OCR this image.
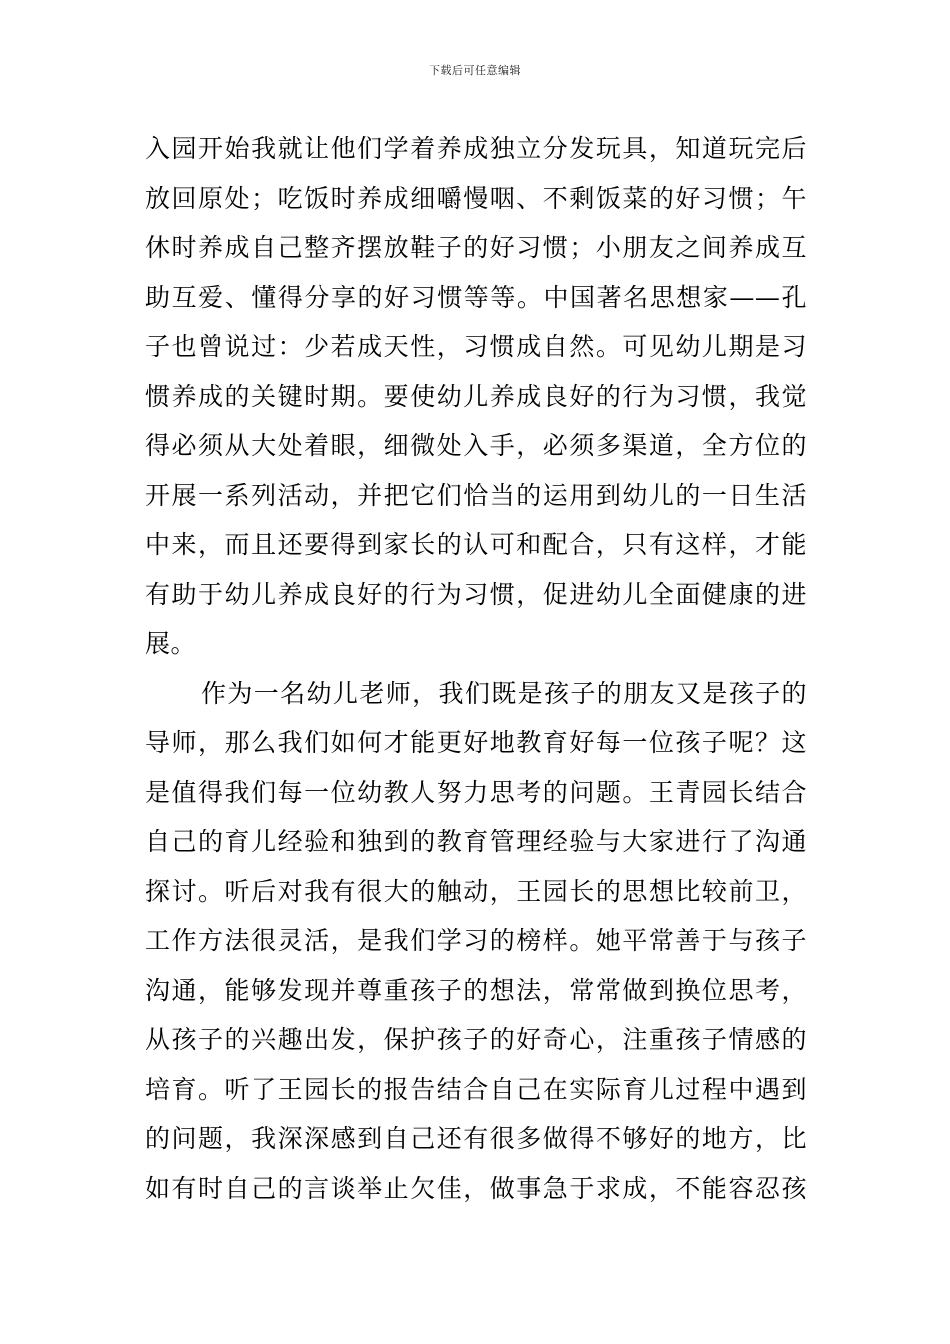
下载后可任意编辑
入园开始我就让他们学着养成独立分发玩具，知道玩完后
放回原处；吃饭时养成细嚼慢咽、不剩饭菜的好习惯；午
休时养成自己整齐摆放鞋子的好习惯；小朋友之间养成互
助互爱、懂得分享的好习惯等等。中国著名思想家——孔
子也曾说过：少若成天性，习惯成自然。可见幼儿期是习
惯养成的关键时期。要使幼儿养成良好的行为习惯，我觉
得必须从大处着眼，细微处入手，必须多渠道，全方位的
开展一系列活动，并把它们恰当的运用到幼儿的一日生活
中来，而且还要得到家长的认可和配合，只有这样，才能
有助于幼儿养成良好的行为习惯，促进幼儿全面健康的进
展。
作为一名幼儿老师，我们既是孩子的朋友又是孩子的
导师，那么我们如何才能更好地教育好每一位孩子呢？这
是值得我们每一位幼教人努力思考的问题。王青园长结合
自己的育儿经验和独到的教育管理经验与大家进行了沟通
探讨。听后对我有很大的触动，王园长的思想比较前卫，
工作方法很灵活，是我们学习的榜样。她平常善于与孩子
沟通，能够发现并尊重孩子的想法，常常做到换位思考，
从孩子的兴趣出发，保护孩子的好奇心，注重孩子情感的
培育。听了王园长的报告结合自己在实际育儿过程中遇到
的问题，我深深感到自己还有很多做得不够好的地方，比
如有时自己的言谈举止欠佳，做事急于求成，不能容忍孩
